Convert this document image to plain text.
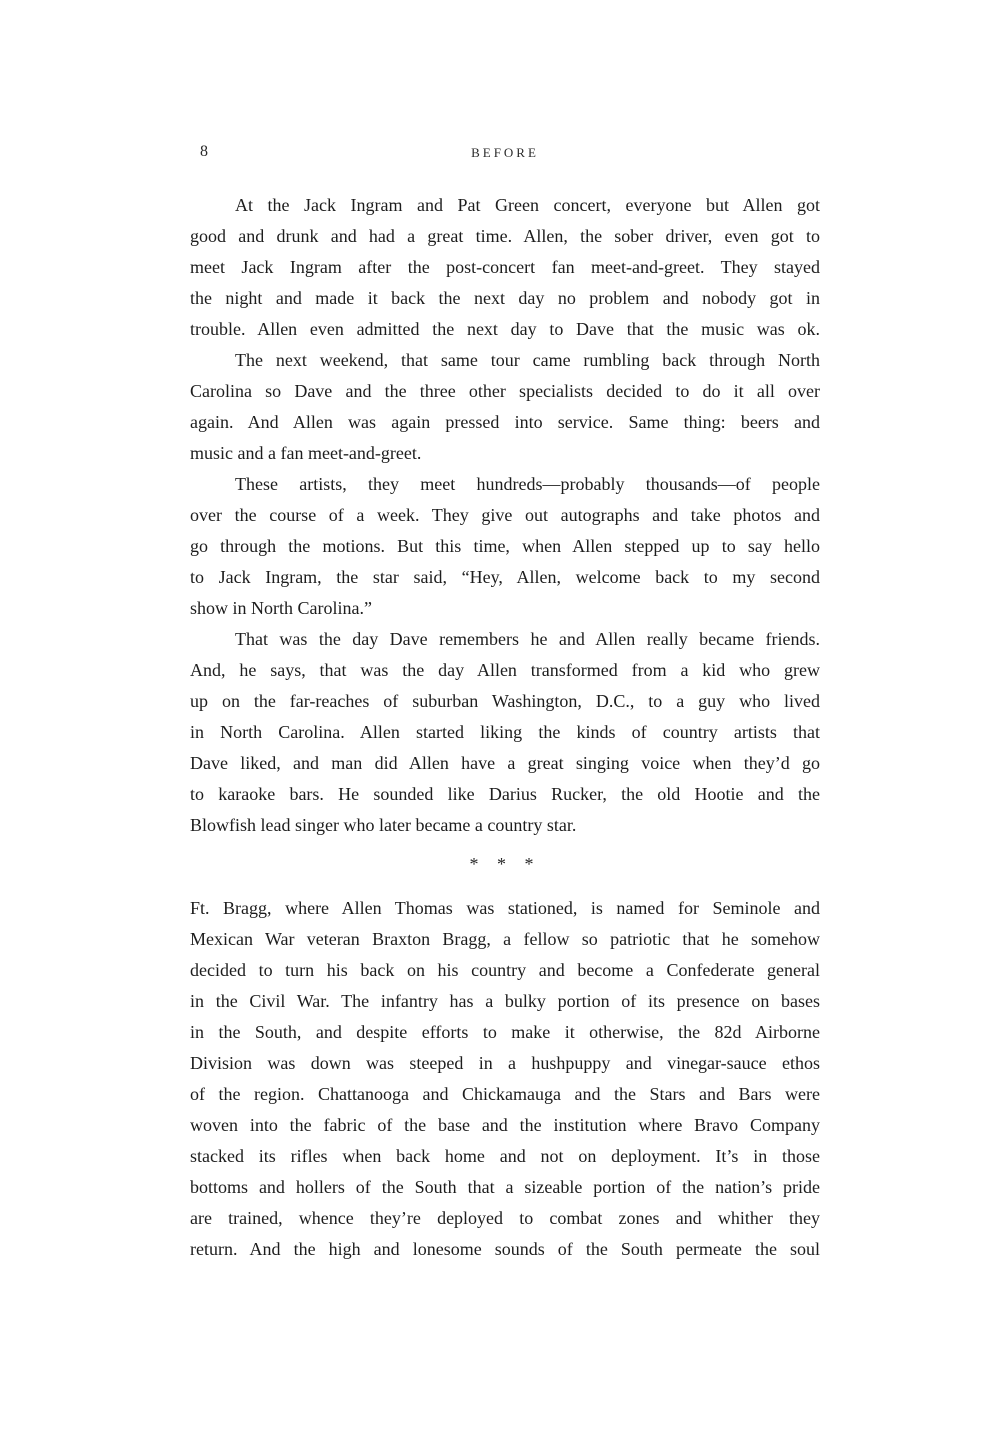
8	BEFORE
At the Jack Ingram and Pat Green concert, everyone but Allen got
good and drunk and had a great time. Allen, the sober driver, even got to
meet Jack Ingram after the post-concert fan meet-and-greet. They stayed
the night and made it back the next day no problem and nobody got in
trouble. Allen even admitted the next day to Dave that the music was ok.
The next weekend, that same tour came rumbling back through North
Carolina so Dave and the three other specialists decided to do it all over
again. And Allen was again pressed into service. Same thing: beers and
music and a fan meet-and-greet.
These artists, they meet hundreds—probably thousands—of people
over the course of a week. They give out autographs and take photos and
go through the motions. But this time, when Allen stepped up to say hello
to Jack Ingram, the star said, “Hey, Allen, welcome back to my second
show in North Carolina.”
That was the day Dave remembers he and Allen really became friends.
And, he says, that was the day Allen transformed from a kid who grew
up on the far-reaches of suburban Washington, D.C., to a guy who lived
in North Carolina. Allen started liking the kinds of country artists that
Dave liked, and man did Allen have a great singing voice when they’d go
to karaoke bars. He sounded like Darius Rucker, the old Hootie and the
Blowfish lead singer who later became a country star.
* * *
Ft. Bragg, where Allen Thomas was stationed, is named for Seminole and
Mexican War veteran Braxton Bragg, a fellow so patriotic that he somehow
decided to turn his back on his country and become a Confederate general
in the Civil War. The infantry has a bulky portion of its presence on bases
in the South, and despite efforts to make it otherwise, the 82d Airborne
Division was down was steeped in a hushpuppy and vinegar-sauce ethos
of the region. Chattanooga and Chickamauga and the Stars and Bars were
woven into the fabric of the base and the institution where Bravo Company
stacked its rifles when back home and not on deployment. It’s in those
bottoms and hollers of the South that a sizeable portion of the nation’s pride
are trained, whence they’re deployed to combat zones and whither they
return. And the high and lonesome sounds of the South permeate the soul
